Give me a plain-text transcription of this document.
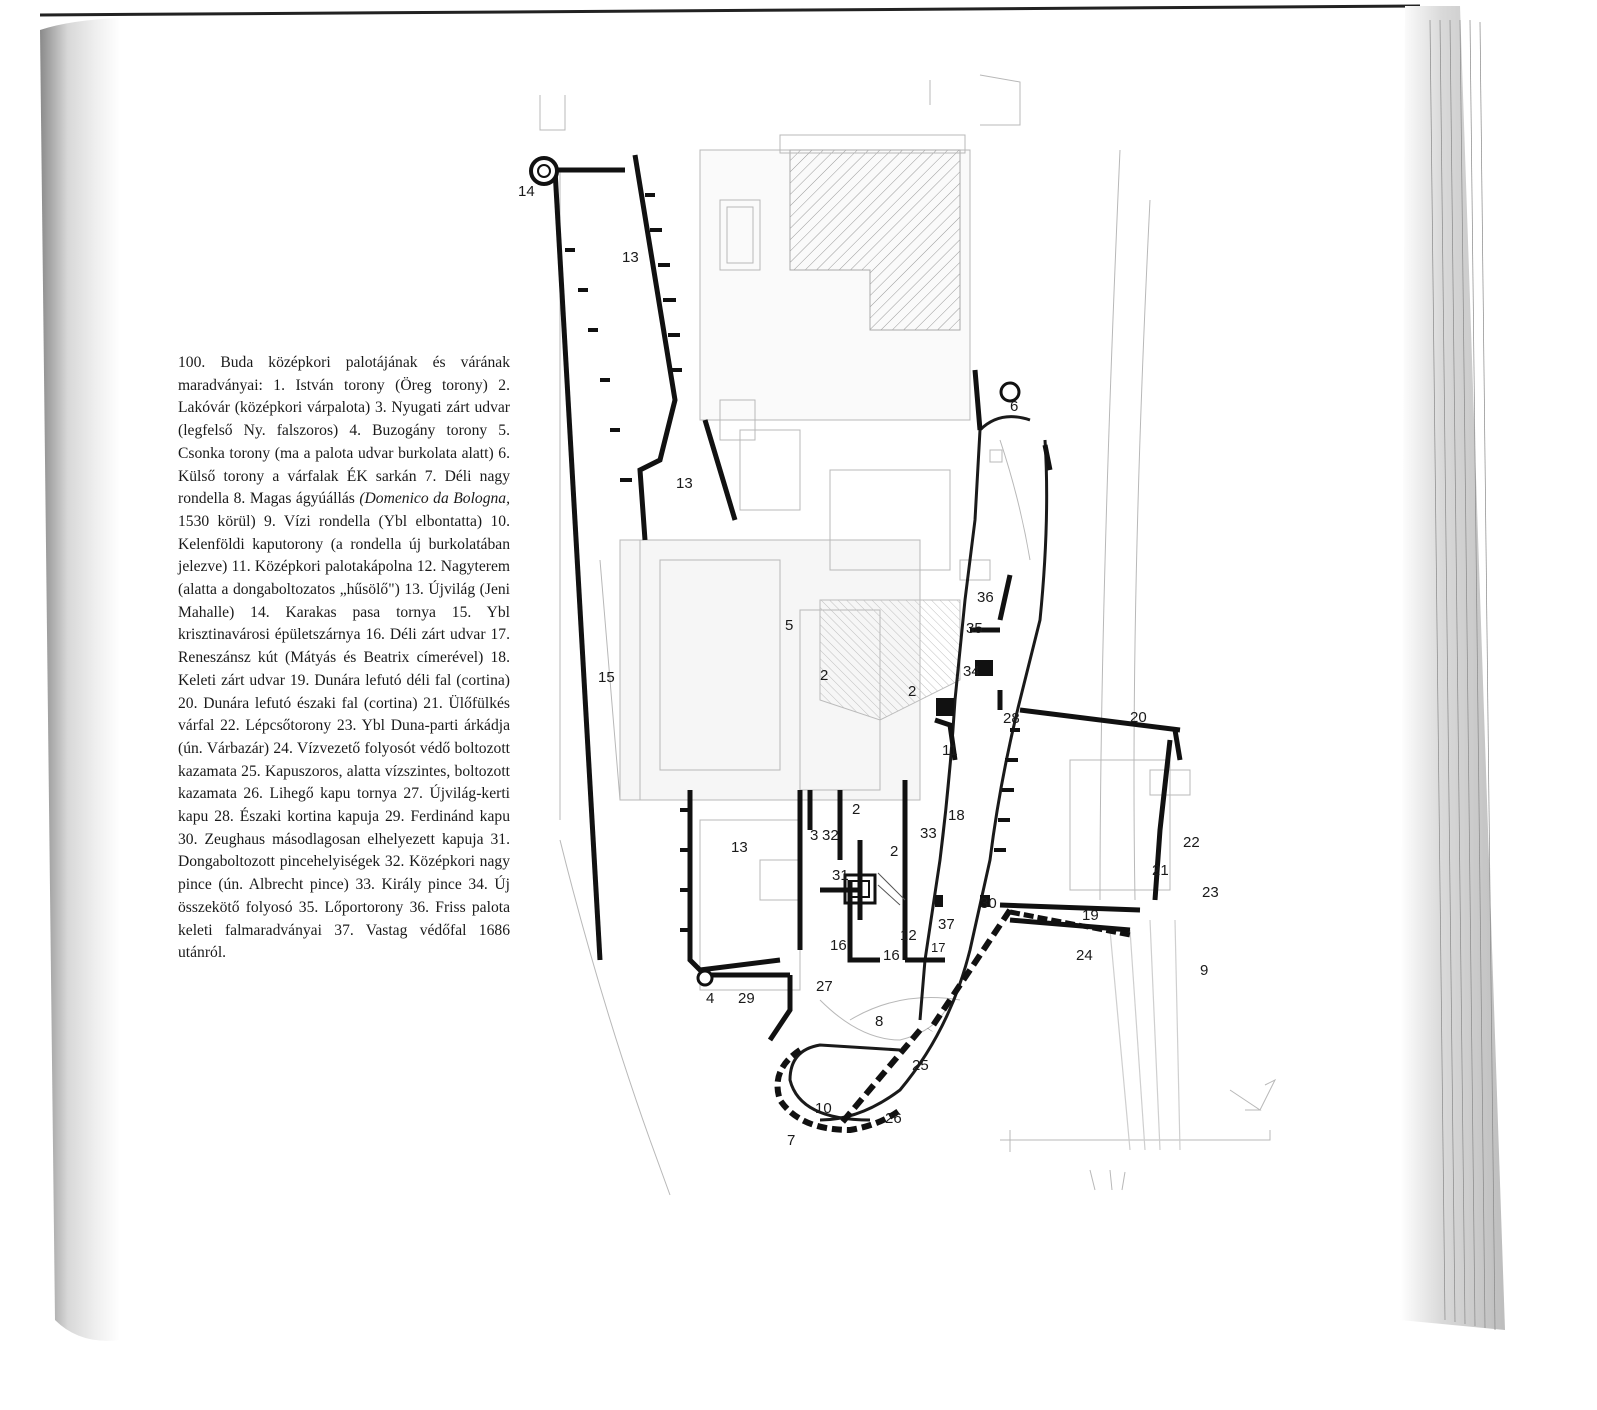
100. Buda középkori palotájának és várának maradványai: 1. István torony (Öreg torony) 2. Lakóvár (középkori várpalota) 3. Nyugati zárt udvar (legfelső Ny. falszoros) 4. Buzogány torony 5. Csonka torony (ma a palota udvar burkolata alatt) 6. Külső torony a várfalak ÉK sarkán 7. Déli nagy rondella 8. Magas ágyúállás (Domenico da Bologna, 1530 körül) 9. Vízi rondella (Ybl elbontatta) 10. Kelenföldi kaputorony (a rondella új burkolatában jelezve) 11. Középkori palotakápolna 12. Nagyterem (alatta a dongaboltozatos „hűsölő") 13. Újvilág (Jeni Mahalle) 14. Karakas pasa tornya 15. Ybl krisztinavárosi épületszárnya 16. Déli zárt udvar 17. Reneszánsz kút (Mátyás és Beatrix címerével) 18. Keleti zárt udvar 19. Dunára lefutó déli fal (cortina) 20. Dunára lefutó északi fal (cortina) 21. Ülőfülkés várfal 22. Lépcsőtorony 23. Ybl Duna-parti árkádja (ún. Várbazár) 24. Vízvezető folyosót védő boltozott kazamata 25. Kapuszoros, alatta vízszintes, boltozott kazamata 26. Lihegő kapu tornya 27. Újvilág-kerti kapu 28. Északi kortina kapuja 29. Ferdinánd kapu 30. Zeughaus másodlagosan elhelyezett kapuja 31. Dongaboltozott pincehelyiségek 32. Középkori nagy pince (ún. Albrecht pince) 33. Király pince 34. Új összekötő folyosó 35. Lőportorony 36. Friss palota keleti falmaradványai 37. Vastag védőfal 1686 utánról.

14
13
13
13
6
5
15	2
2
2
2
36
35
34
28	20
11
18
3 32	33
31
22
21
23
30
19
37
16
16
12
17	24
9
4 29
27
8
25
10
26
7
